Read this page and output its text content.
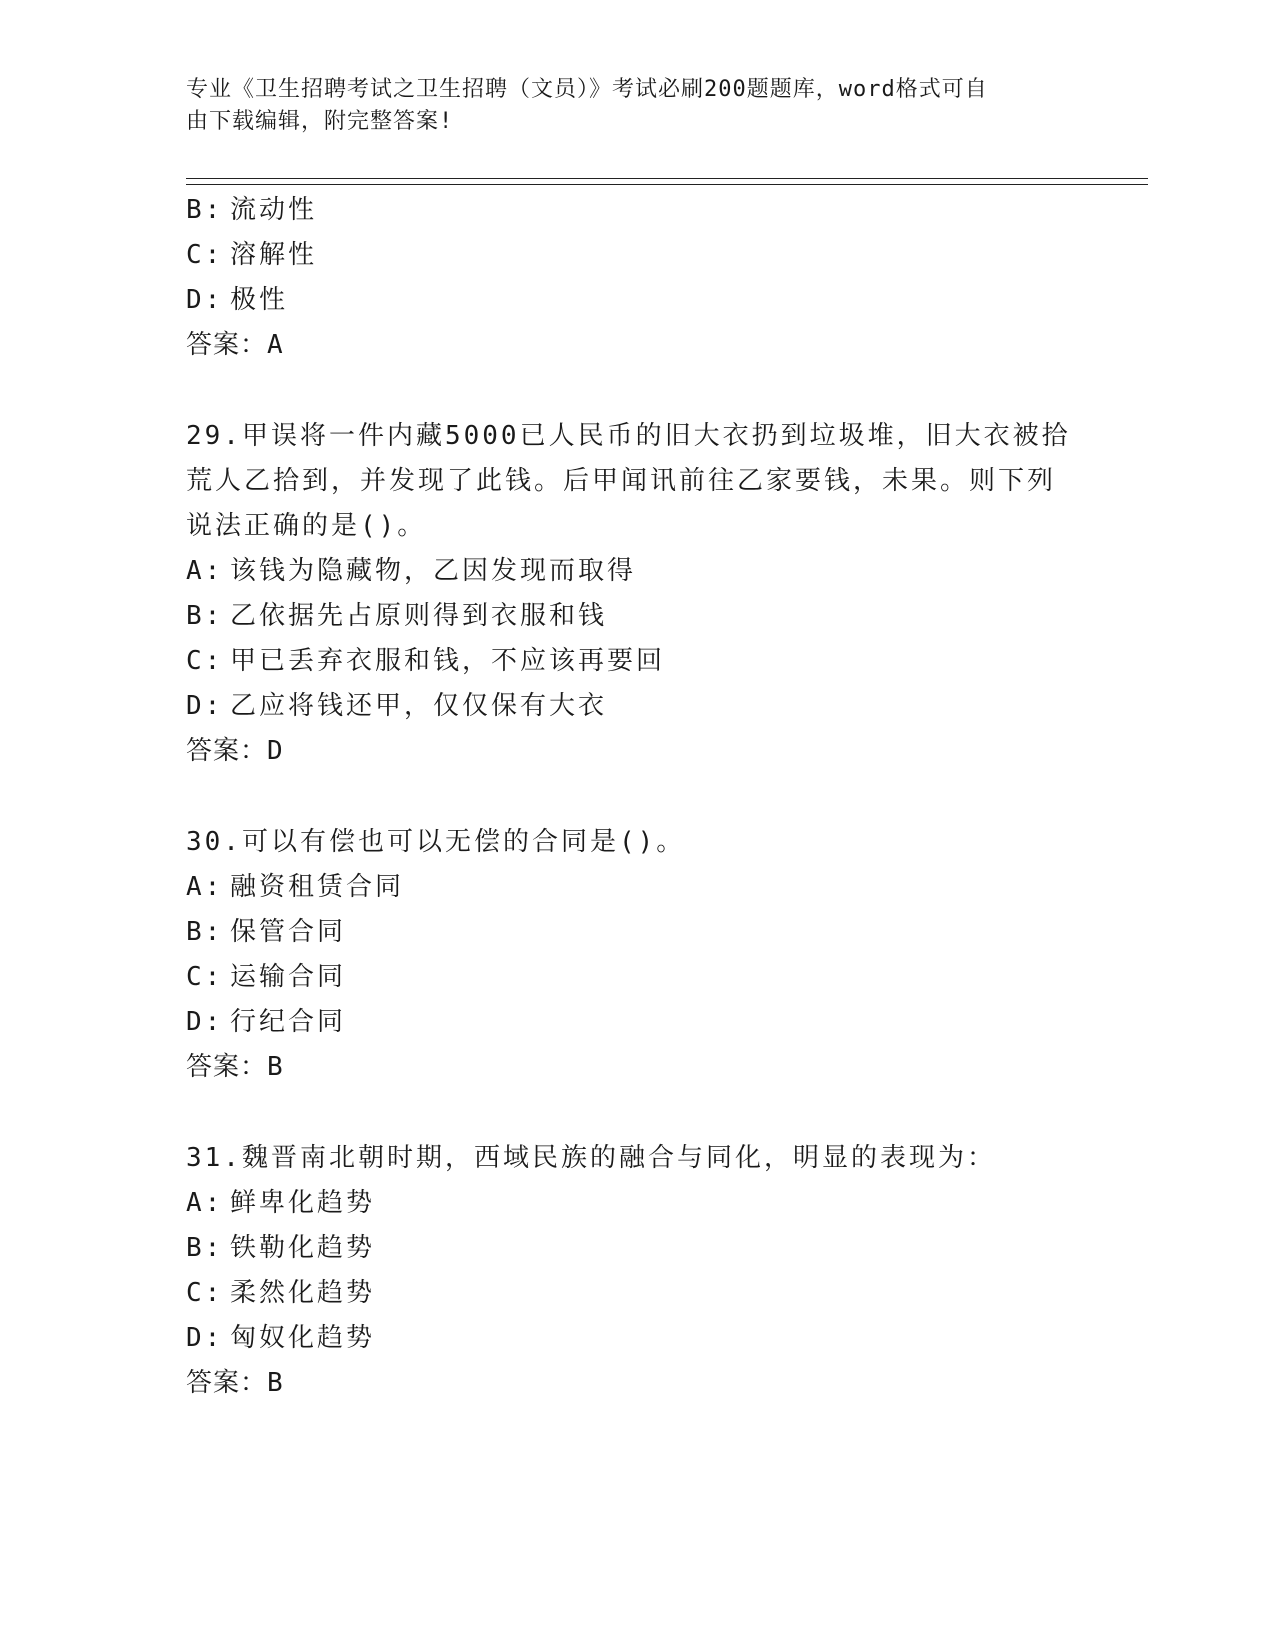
专业《卫生招聘考试之卫生招聘（文员）》考试必刷200题题库，word格式可自
由下载编辑，附完整答案!
B: 流动性
C: 溶解性
D: 极性
答案：A
29.甲误将一件内藏5000已人民币的旧大衣扔到垃圾堆，旧大衣被拾
荒人乙拾到，并发现了此钱。后甲闻讯前往乙家要钱，未果。则下列
说法正确的是()。
A: 该钱为隐藏物，乙因发现而取得
B: 乙依据先占原则得到衣服和钱
C: 甲已丢弃衣服和钱，不应该再要回
D: 乙应将钱还甲，仅仅保有大衣
答案：D
30.可以有偿也可以无偿的合同是()。
A: 融资租赁合同
B: 保管合同
C: 运输合同
D: 行纪合同
答案：B
31.魏晋南北朝时期，西域民族的融合与同化，明显的表现为：
A: 鲜卑化趋势
B: 铁勒化趋势
C: 柔然化趋势
D: 匈奴化趋势
答案：B
